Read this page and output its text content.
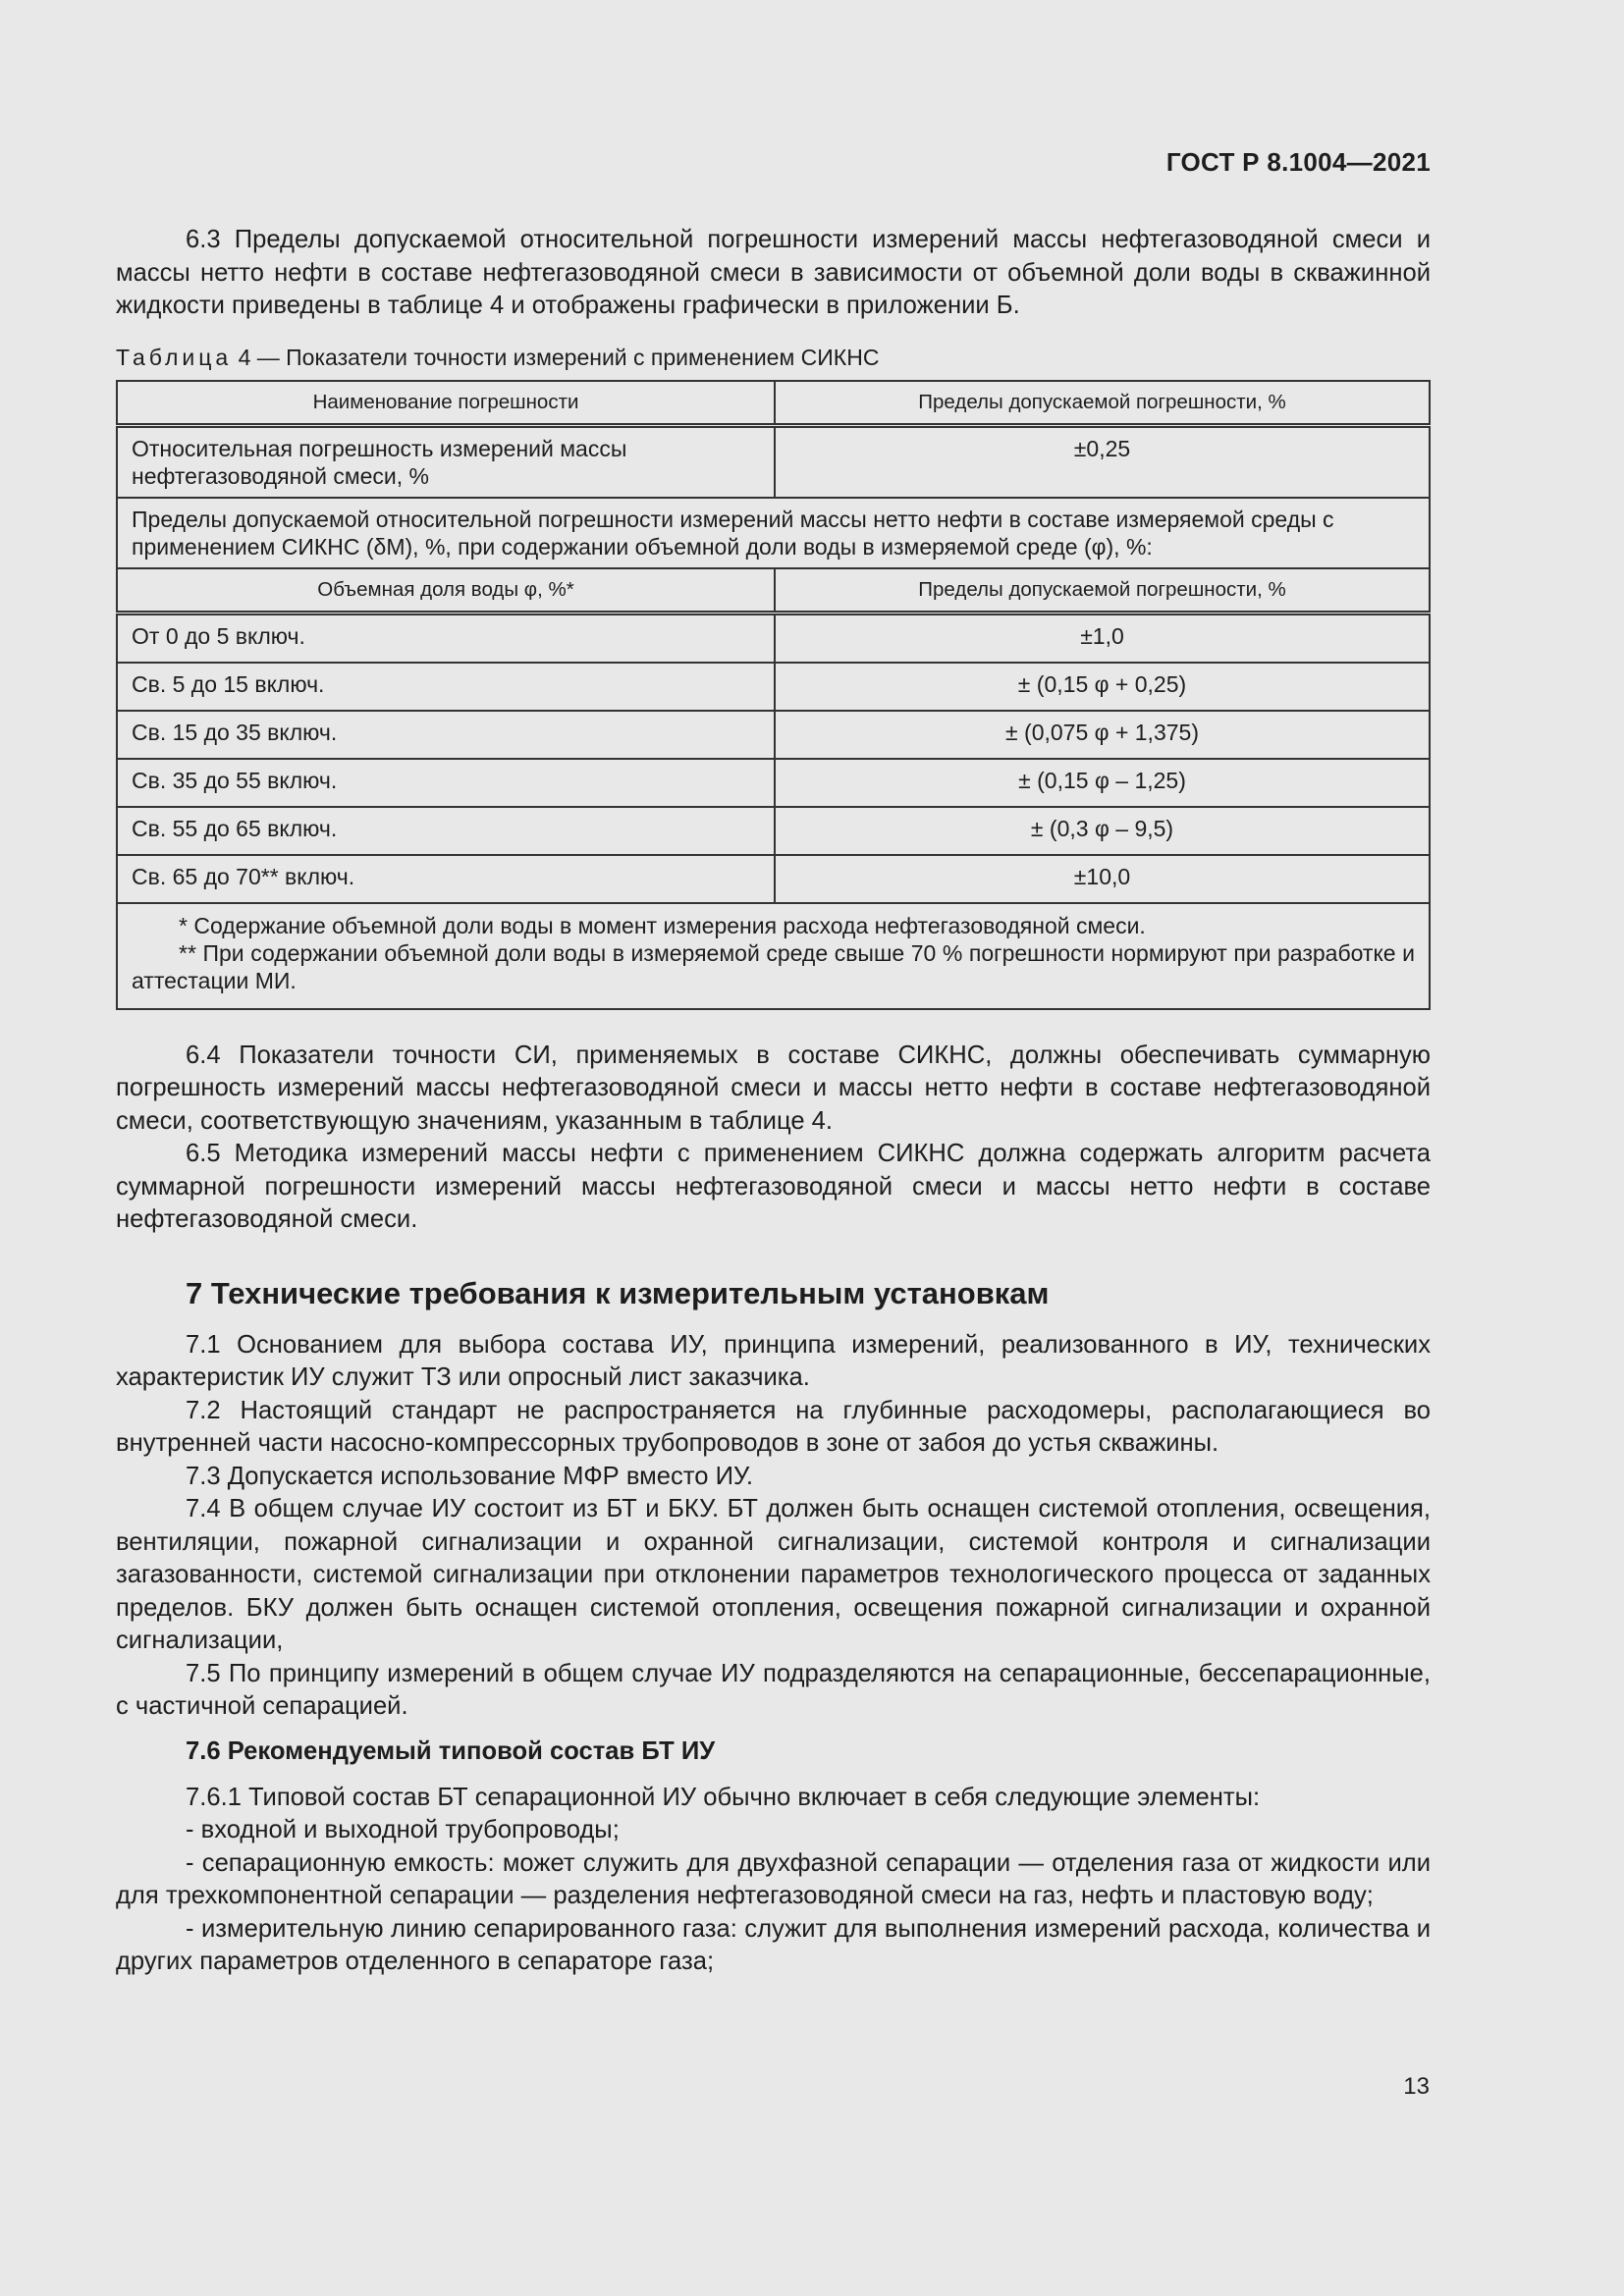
ГОСТ Р 8.1004—2021

6.3 Пределы допускаемой относительной погрешности измерений массы нефтегазоводяной смеси и массы нетто нефти в составе нефтегазоводяной смеси в зависимости от объемной доли воды в скважинной жидкости приведены в таблице 4 и отображены графически в приложении Б.

Таблица 4 — Показатели точности измерений с применением СИКНС
Наименование погрешности	Пределы допускаемой погрешности, %
Относительная погрешность измерений массы нефтегазоводяной смеси, %	±0,25
Пределы допускаемой относительной погрешности измерений массы нетто нефти в составе измеряемой среды с применением СИКНС (δM), %, при содержании объемной доли воды в измеряемой среде (φ), %:	
Объемная доля воды φ, %*	Пределы допускаемой погрешности, %
От 0 до 5 включ.	±1,0
Св. 5 до 15 включ.	± (0,15 φ + 0,25)
Св. 15 до 35 включ.	± (0,075 φ + 1,375)
Св. 35 до 55 включ.	± (0,15 φ – 1,25)
Св. 55 до 65 включ.	± (0,3 φ – 9,5)
Св. 65 до 70** включ.	±10,0

* Содержание объемной доли воды в момент измерения расхода нефтегазоводяной смеси.
** При содержании объемной доли воды в измеряемой среде свыше 70 % погрешности нормируют при разработке и аттестации МИ.	

6.4 Показатели точности СИ, применяемых в составе СИКНС, должны обеспечивать суммарную погрешность измерений массы нефтегазоводяной смеси и массы нетто нефти в составе нефтегазоводяной смеси, соответствующую значениям, указанным в таблице 4.

6.5 Методика измерений массы нефти с применением СИКНС должна содержать алгоритм расчета суммарной погрешности измерений массы нефтегазоводяной смеси и массы нетто нефти в составе нефтегазоводяной смеси.

7 Технические требования к измерительным установкам

7.1 Основанием для выбора состава ИУ, принципа измерений, реализованного в ИУ, технических характеристик ИУ служит ТЗ или опросный лист заказчика.

7.2 Настоящий стандарт не распространяется на глубинные расходомеры, располагающиеся во внутренней части насосно-компрессорных трубопроводов в зоне от забоя до устья скважины.

7.3 Допускается использование МФР вместо ИУ.

7.4 В общем случае ИУ состоит из БТ и БКУ. БТ должен быть оснащен системой отопления, освещения, вентиляции, пожарной сигнализации и охранной сигнализации, системой контроля и сигнализации загазованности, системой сигнализации при отклонении параметров технологического процесса от заданных пределов. БКУ должен быть оснащен системой отопления, освещения пожарной сигнализации и охранной сигнализации,

7.5 По принципу измерений в общем случае ИУ подразделяются на сепарационные, бессепарационные, с частичной сепарацией.

7.6 Рекомендуемый типовой состав БТ ИУ

7.6.1 Типовой состав БТ сепарационной ИУ обычно включает в себя следующие элементы:

- входной и выходной трубопроводы;

- сепарационную емкость: может служить для двухфазной сепарации — отделения газа от жидкости или для трехкомпонентной сепарации — разделения нефтегазоводяной смеси на газ, нефть и пластовую воду;

- измерительную линию сепарированного газа: служит для выполнения измерений расхода, количества и других параметров отделенного в сепараторе газа;

13
